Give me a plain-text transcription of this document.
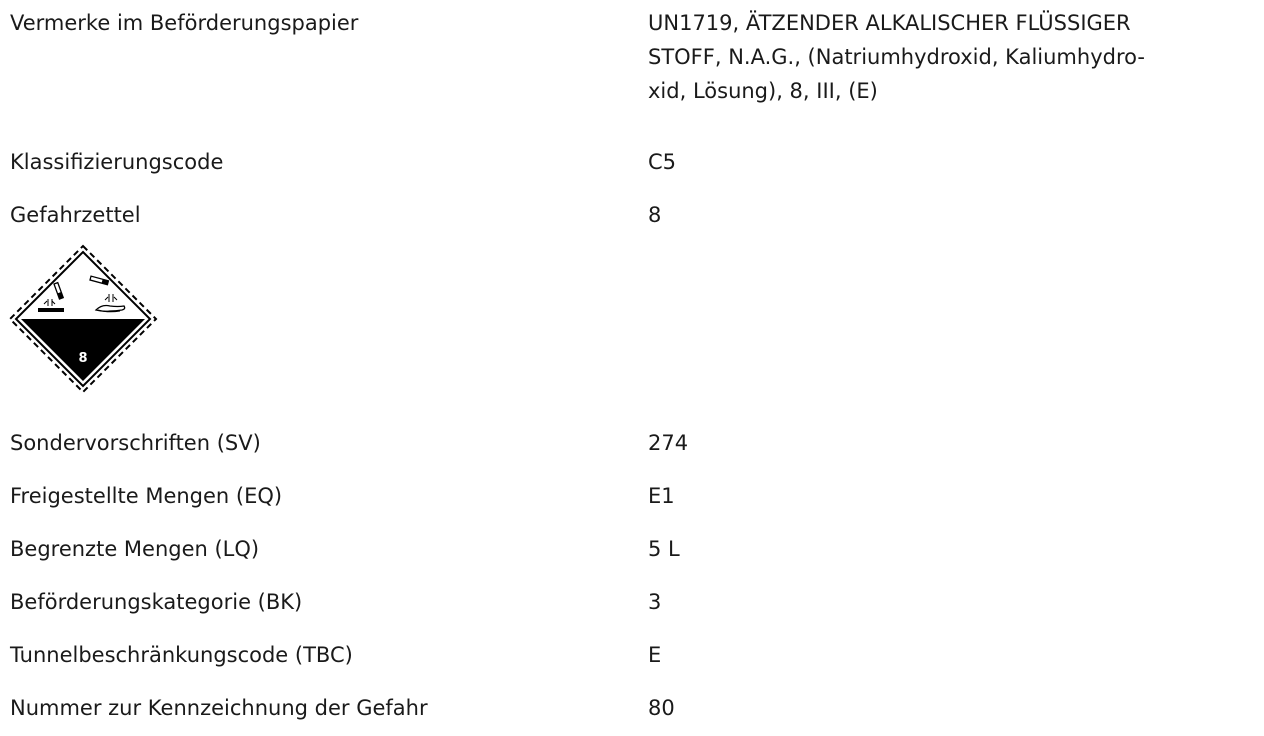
Vermerke im Beförderungspapier	UN1719, ÄTZENDER ALKALISCHER FLÜSSIGER
STOFF, N.A.G., (Natriumhydroxid, Kaliumhydro-
xid, Lösung), 8, III, (E)
Klassifizierungscode	C5
Gefahrzettel	8
8
Sondervorschriften (SV)	274
Freigestellte Mengen (EQ)	E1
Begrenzte Mengen (LQ)	5 L
Beförderungskategorie (BK)	3
Tunnelbeschränkungscode (TBC)	E
Nummer zur Kennzeichnung der Gefahr	80
